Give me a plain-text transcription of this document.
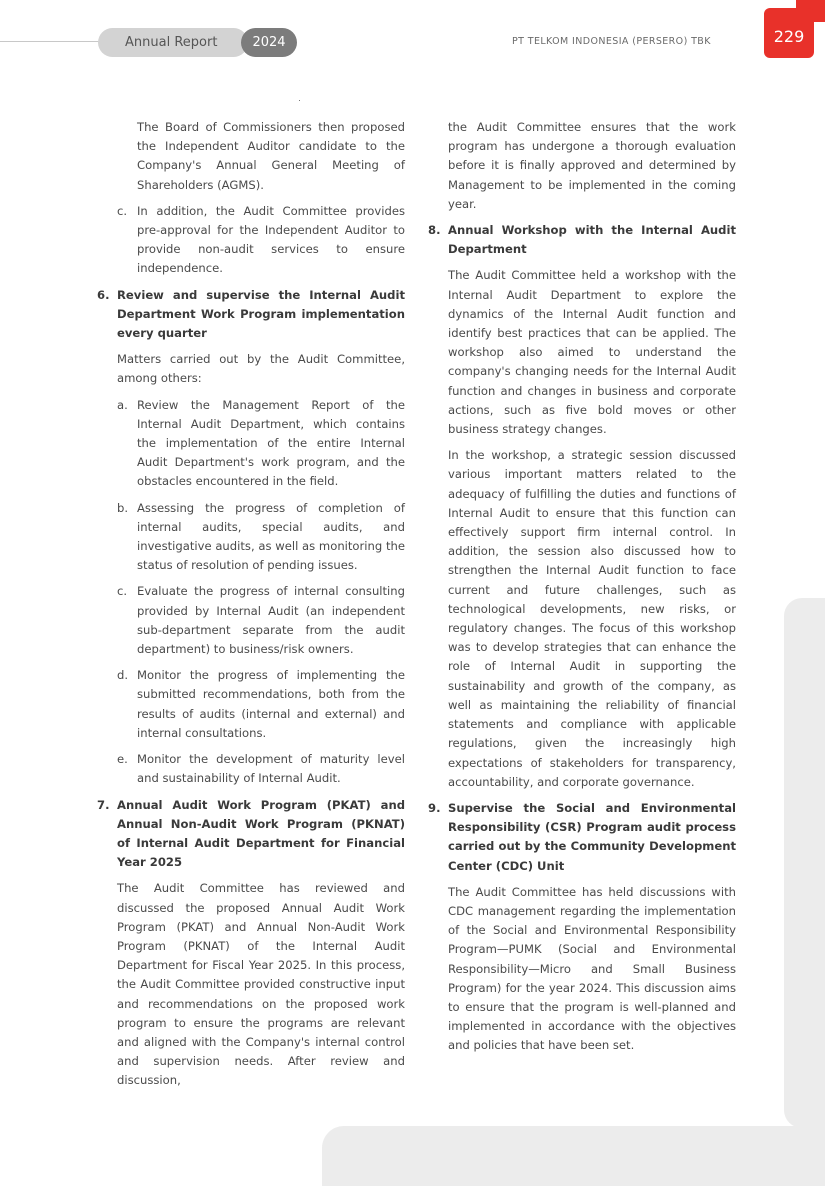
Annual Report	2024	PT TELKOM INDONESIA (PERSERO) TBK	229

The Board of Commissioners then proposed the Independent Auditor candidate to the Company's Annual General Meeting of Shareholders (AGMS).

c. In addition, the Audit Committee provides pre-approval for the Independent Auditor to provide non-audit services to ensure independence.
6. Review and supervise the Internal Audit Department Work Program implementation every quarter

Matters carried out by the Audit Committee, among others:

a. Review the Management Report of the Internal Audit Department, which contains the implementation of the entire Internal Audit Department's work program, and the obstacles encountered in the field.
b. Assessing the progress of completion of internal audits, special audits, and investigative audits, as well as monitoring the status of resolution of pending issues.
c. Evaluate the progress of internal consulting provided by Internal Audit (an independent sub-department separate from the audit department) to business/risk owners.
d. Monitor the progress of implementing the submitted recommendations, both from the results of audits (internal and external) and internal consultations.
e. Monitor the development of maturity level and sustainability of Internal Audit.
7. Annual Audit Work Program (PKAT) and Annual Non-Audit Work Program (PKNAT) of Internal Audit Department for Financial Year 2025

The Audit Committee has reviewed and discussed the proposed Annual Audit Work Program (PKAT) and Annual Non-Audit Work Program (PKNAT) of the Internal Audit Department for Fiscal Year 2025. In this process, the Audit Committee provided constructive input and recommendations on the proposed work program to ensure the programs are relevant and aligned with the Company's internal control and supervision needs. After review and discussion,

the Audit Committee ensures that the work program has undergone a thorough evaluation before it is finally approved and determined by Management to be implemented in the coming year.

8. Annual Workshop with the Internal Audit Department

The Audit Committee held a workshop with the Internal Audit Department to explore the dynamics of the Internal Audit function and identify best practices that can be applied. The workshop also aimed to understand the company's changing needs for the Internal Audit function and changes in business and corporate actions, such as five bold moves or other business strategy changes.

In the workshop, a strategic session discussed various important matters related to the adequacy of fulfilling the duties and functions of Internal Audit to ensure that this function can effectively support firm internal control. In addition, the session also discussed how to strengthen the Internal Audit function to face current and future challenges, such as technological developments, new risks, or regulatory changes. The focus of this workshop was to develop strategies that can enhance the role of Internal Audit in supporting the sustainability and growth of the company, as well as maintaining the reliability of financial statements and compliance with applicable regulations, given the increasingly high expectations of stakeholders for transparency, accountability, and corporate governance.

9. Supervise the Social and Environmental Responsibility (CSR) Program audit process carried out by the Community Development Center (CDC) Unit

The Audit Committee has held discussions with CDC management regarding the implementation of the Social and Environmental Responsibility Program—PUMK (Social and Environmental Responsibility—Micro and Small Business Program) for the year 2024. This discussion aims to ensure that the program is well-planned and implemented in accordance with the objectives and policies that have been set.
